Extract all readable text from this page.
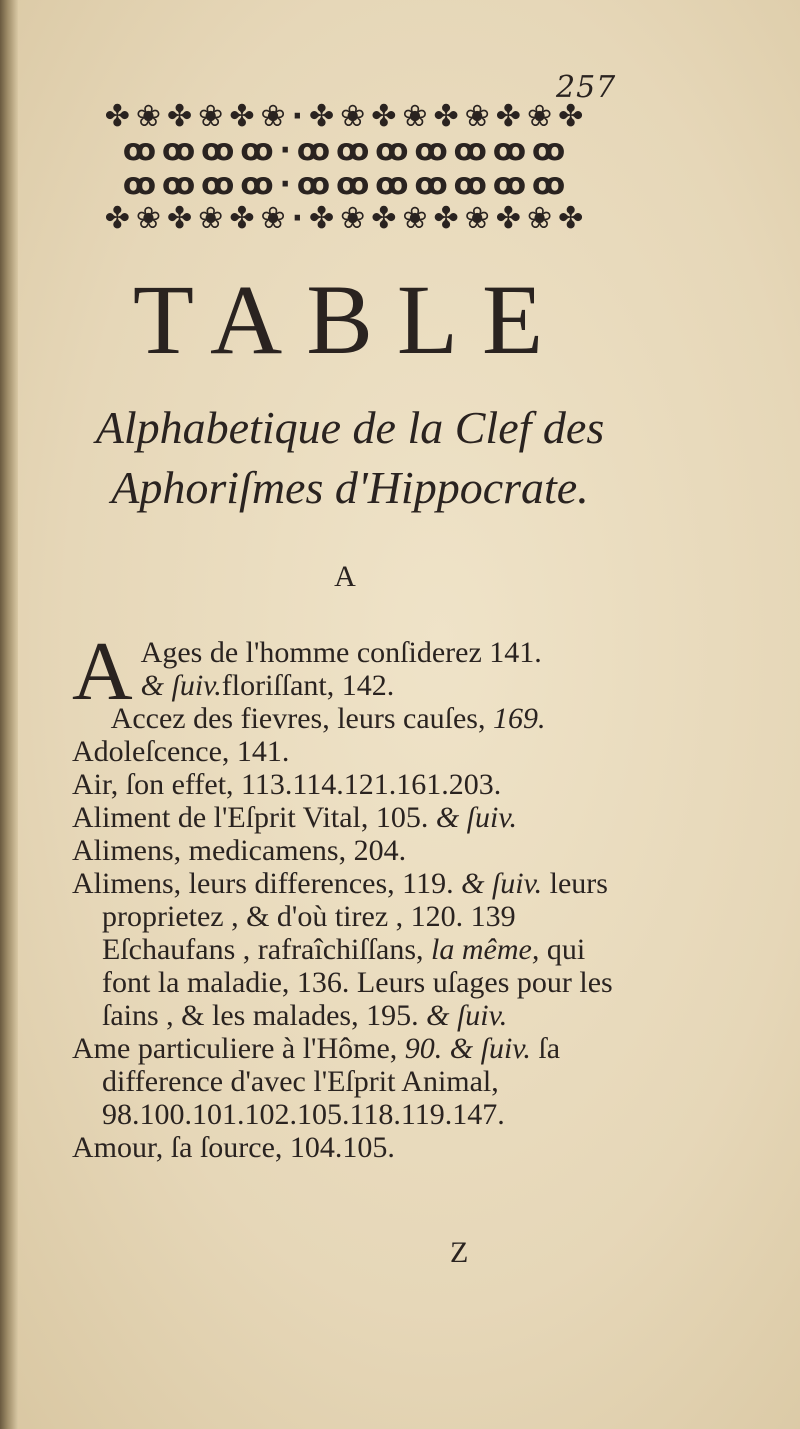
257
✤❀✤❀✤❀·✤❀✤❀✤❀✤❀✤
ꝏꝏꝏꝏ·ꝏꝏꝏꝏꝏꝏꝏ
ꝏꝏꝏꝏ·ꝏꝏꝏꝏꝏꝏꝏ
✤❀✤❀✤❀·✤❀✤❀✤❀✤❀✤
TABLE
Alphabetique de la Clef des
Aphoriſmes d'Hippocrate.
A
A Ages de l'homme conſiderez 141.
& ſuiv.floriſſant, 142.

Accez des fievres, leurs cauſes, 169.

Adoleſcence, 141.

Air, ſon effet, 113.114.121.161.203.

Aliment de l'Eſprit Vital, 105. & ſuiv.

Alimens, medicamens, 204.

Alimens, leurs differences, 119. & ſuiv. leurs proprietez , & d'où tirez , 120. 139 Eſchaufans , rafraîchiſſans, la même, qui font la maladie, 136. Leurs uſages pour les ſains , & les malades, 195. & ſuiv.

Ame particuliere à l'Hôme, 90. & ſuiv. ſa difference d'avec l'Eſprit Animal, 98.100.101.102.105.118.119.147.

Amour, ſa ſource, 104.105.

Z
